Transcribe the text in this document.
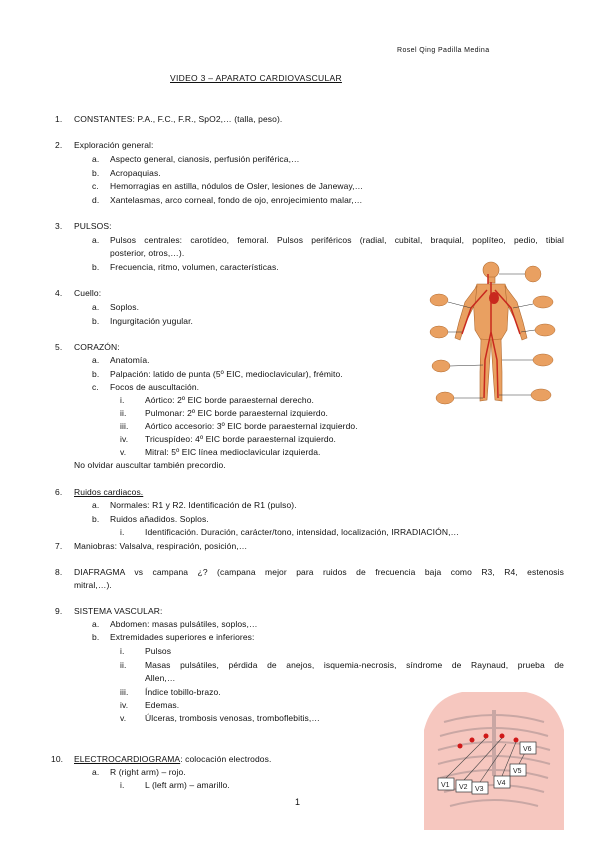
Rosel Qing Padilla Medina
VIDEO 3 – APARATO CARDIOVASCULAR
1. CONSTANTES: P.A., F.C., F.R., SpO2,… (talla, peso).
2. Exploración general:
a. Aspecto general, cianosis, perfusión periférica,…
b. Acropaquias.
c. Hemorragias en astilla, nódulos de Osler, lesiones de Janeway,…
d. Xantelasmas, arco corneal, fondo de ojo, enrojecimiento malar,…
3. PULSOS:
a. Pulsos centrales: carotídeo, femoral. Pulsos periféricos (radial, cubital, braquial, poplíteo, pedio, tibial
posterior, otros,…).
b. Frecuencia, ritmo, volumen, características.
4. Cuello:
a. Soplos.
b. Ingurgitación yugular.
5. CORAZÓN:
a. Anatomía.
b. Palpación: latido de punta (5º EIC, medioclavicular), frémito.
c. Focos de auscultación.
i. Aórtico: 2º EIC borde paraesternal derecho.
ii. Pulmonar: 2º EIC borde paraesternal izquierdo.
iii. Aórtico accesorio: 3º EIC borde paraesternal izquierdo.
iv. Tricuspídeo: 4º EIC borde paraesternal izquierdo.
v. Mitral: 5º EIC línea medioclavicular izquierda.
No olvidar auscultar también precordio.
6. Ruidos cardiacos.
a. Normales: R1 y R2. Identificación de R1 (pulso).
b. Ruidos añadidos. Soplos.
i. Identificación. Duración, carácter/tono, intensidad, localización, IRRADIACIÓN,…
7. Maniobras: Valsalva, respiración, posición,…
8. DIAFRAGMA vs campana ¿? (campana mejor para ruidos de frecuencia baja como R3, R4, estenosis
mitral,…).
9. SISTEMA VASCULAR:
a. Abdomen: masas pulsátiles, soplos,…
b. Extremidades superiores e inferiores:
i. Pulsos
ii. Masas pulsátiles, pérdida de anejos, isquemia-necrosis, síndrome de Raynaud, prueba de
Allen,…
iii. Índice tobillo-brazo.
iv. Edemas.
v. Úlceras, trombosis venosas, tromboflebitis,…
10. ELECTROCARDIOGRAMA: colocación electrodos.
a. R (right arm) – rojo.
i. L (left arm) – amarillo.
1
V1 V2 V3
V4
V5
V6
